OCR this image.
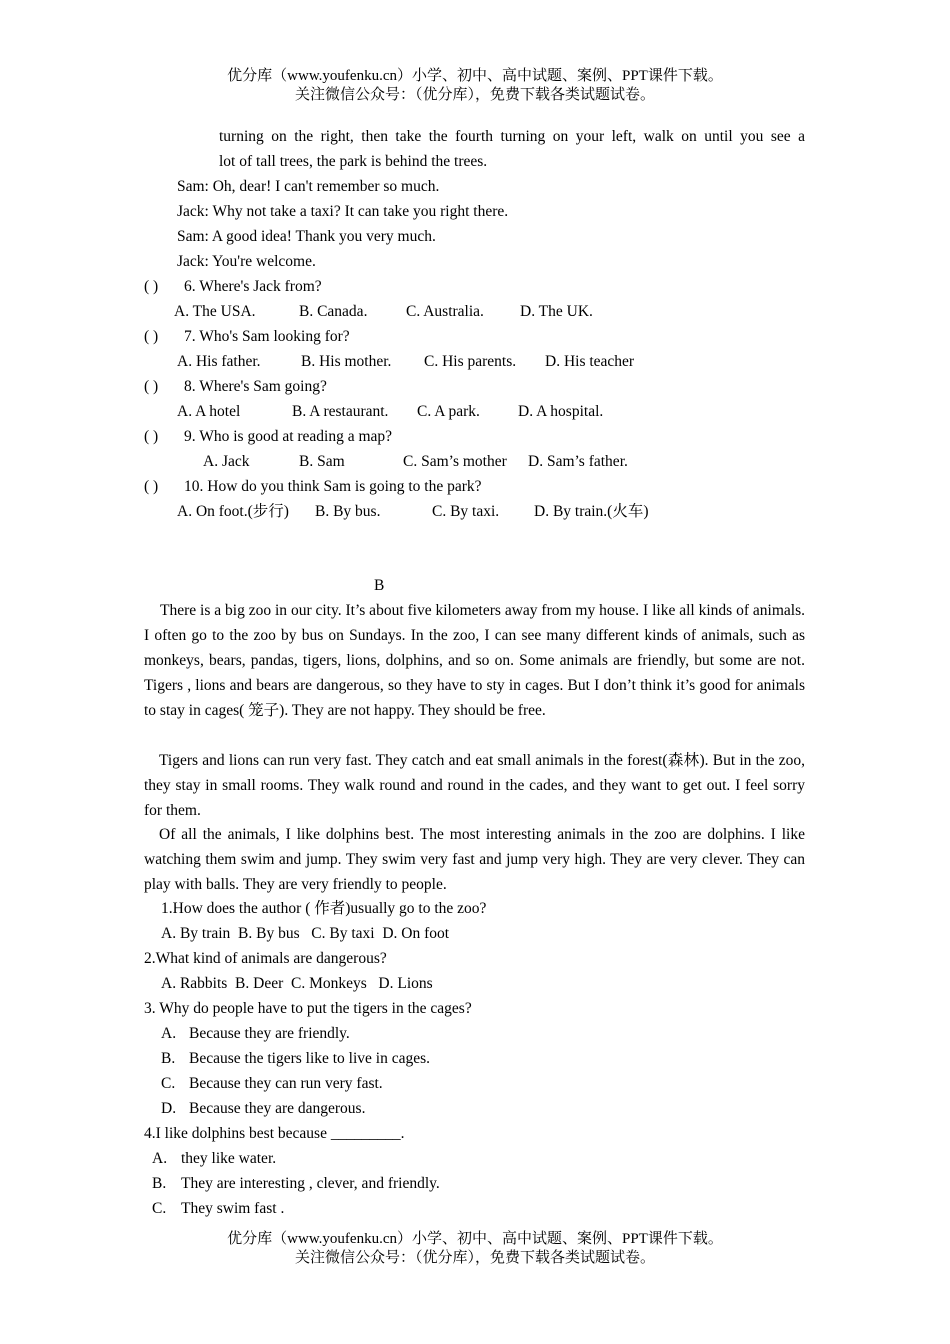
优分库（www.youfenku.cn）小学、初中、高中试题、案例、PPT课件下载。
关注微信公众号：（优分库），免费下载各类试题试卷。
turning on the right, then take the fourth turning on your left, walk on until you see a
lot of tall trees, the park is behind the trees.
Sam: Oh, dear! I can't remember so much.
Jack: Why not take a taxi? It can take you right there.
Sam: A good idea! Thank you very much.
Jack: You're welcome.
( ) 6. Where's Jack from?
A. The USA.	B. Canada. C. Australia. D. The UK.
( ) 7. Who's Sam looking for?
A. His father.	B. His mother. C. His parents. D. His teacher
( ) 8. Where's Sam going?
A. A hotel	B. A restaurant. C. A park. D. A hospital.
( ) 9. Who is good at reading a map?
A. Jack	B. Sam	C. Sam’s mother D. Sam’s father.
( ) 10. How do you think Sam is going to the park?
A. On foot.(步行) B. By bus.	C. By taxi. D. By train.(火车)
B
There is a big zoo in our city. It’s about five kilometers away from my house. I like all kinds of animals. I often go to the zoo by bus on Sundays. In the zoo, I can see many different kinds of animals, such as monkeys, bears, pandas, tigers, lions, dolphins, and so on. Some animals are friendly, but some are not. Tigers , lions and bears are dangerous, so they have to sty in cages. But I don’t think it’s good for animals to stay in cages( 笼子). They are not happy. They should be free.
Tigers and lions can run very fast. They catch and eat small animals in the forest(森林). But in the zoo, they stay in small rooms. They walk round and round in the cades, and they want to get out. I feel sorry for them.
Of all the animals, I like dolphins best. The most interesting animals in the zoo are dolphins. I like watching them swim and jump. They swim very fast and jump very high. They are very clever. They can play with balls. They are very friendly to people.
1.How does the author ( 作者)usually go to the zoo?
A. By train  B. By bus   C. By taxi  D. On foot
2.What kind of animals are dangerous?
A. Rabbits  B. Deer  C. Monkeys   D. Lions
3. Why do people have to put the tigers in the cages?
A. Because they are friendly.
B. Because the tigers like to live in cages.
C. Because they can run very fast.
D. Because they are dangerous.
4.I like dolphins best because _________.
A. they like water.
B. They are interesting , clever, and friendly.
C. They swim fast .
优分库（www.youfenku.cn）小学、初中、高中试题、案例、PPT课件下载。
关注微信公众号：（优分库），免费下载各类试题试卷。
